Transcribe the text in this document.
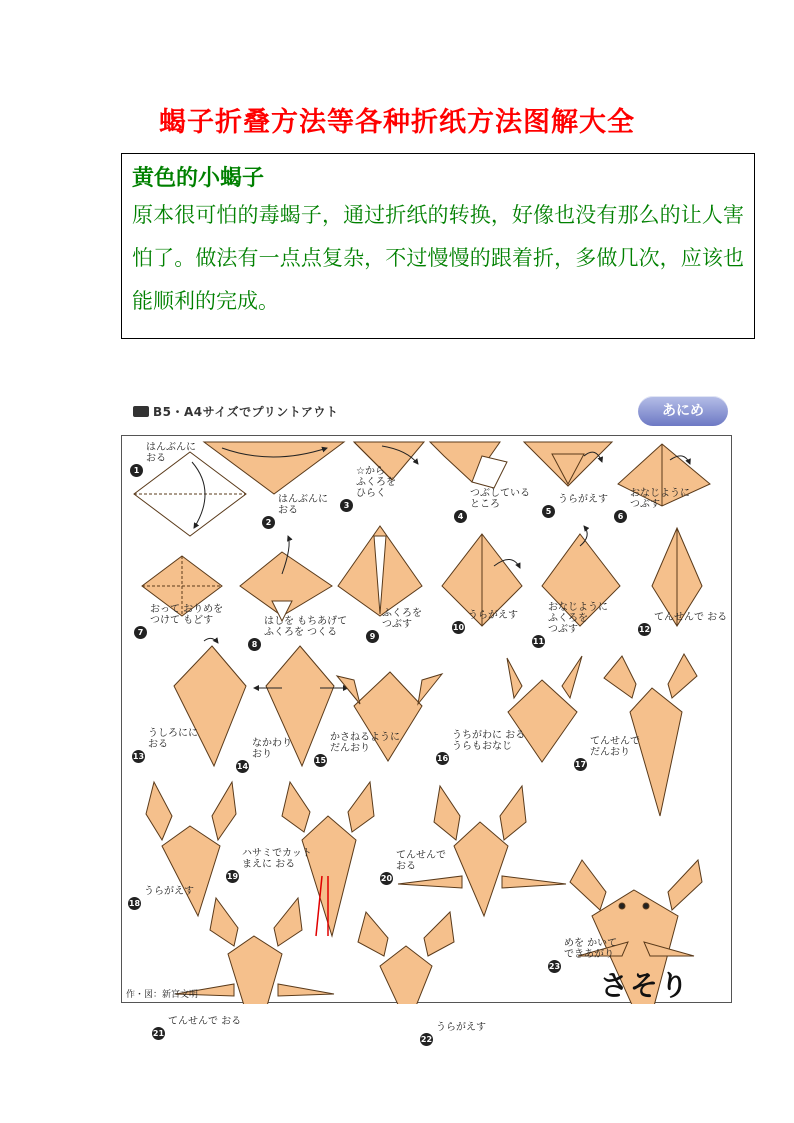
蝎子折叠方法等各种折纸方法图解大全
黄色的小蝎子
原本很可怕的毒蝎子，通过折纸的转换，好像也没有那么的让人害怕了。做法有一点点复杂，不过慢慢的跟着折，多做几次，应该也能顺利的完成。
B5・A4サイズでプリントアウト	あにめ
1
はんぶんに
おる
2
はんぶんに
おる	3
☆から
ふくろを
ひらく
4
つぶしている
ところ
5
うらがえす
6
おなじように
つぶす
7
おって おりめを
つけて もどす
8
はしを もちあげて
ふくろを つくる	9
ふくろを
つぶす	10
うらがえす
11
おなじように
ふくろを
つぶす	12
てんせんで おる
13
うしろにに
おる
14
なかわり
おり
15
かさねるように
だんおり
16
うちがわに おる
うらもおなじ
17
てんせんで
だんおり
18
うらがえす
19
ハサミでカット
まえに おる
20
てんせんで
おる
21
てんせんで おる
22
うらがえす
23
めを かいて
できあがり
さそり
作・図：新宮文明
